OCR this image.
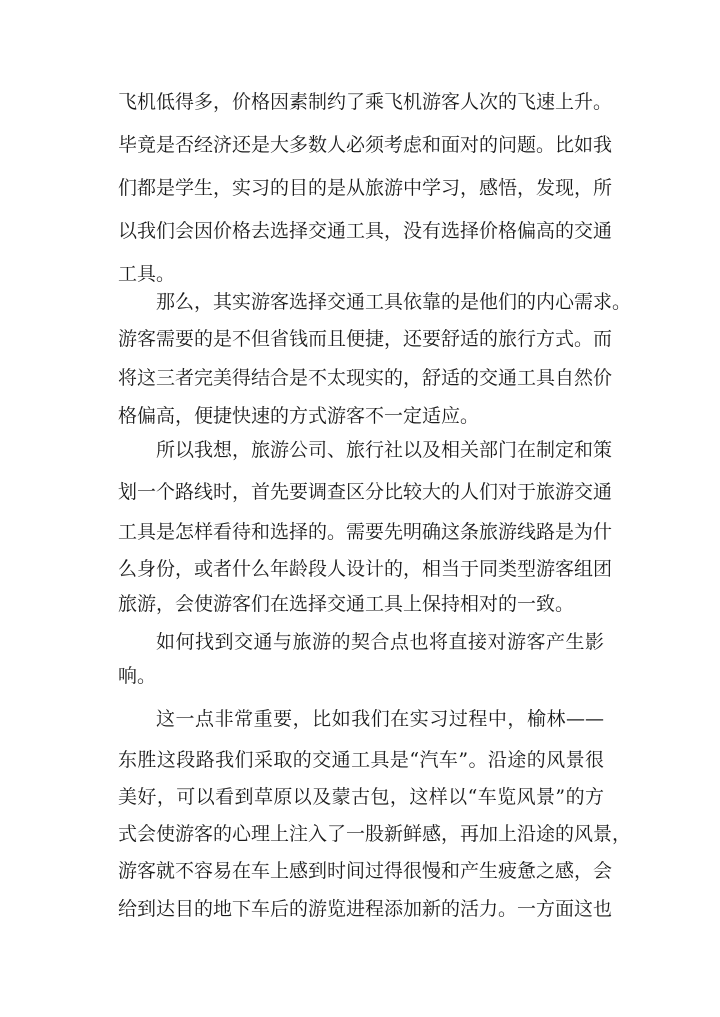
飞机低得多，价格因素制约了乘飞机游客人次的飞速上升。

毕竟是否经济还是大多数人必须考虑和面对的问题。比如我

们都是学生，实习的目的是从旅游中学习，感悟，发现，所

以我们会因价格去选择交通工具，没有选择价格偏高的交通

工具。

那么，其实游客选择交通工具依靠的是他们的内心需求。

游客需要的是不但省钱而且便捷，还要舒适的旅行方式。而

将这三者完美得结合是不太现实的，舒适的交通工具自然价

格偏高，便捷快速的方式游客不一定适应。

所以我想，旅游公司、旅行社以及相关部门在制定和策

划一个路线时，首先要调查区分比较大的人们对于旅游交通

工具是怎样看待和选择的。需要先明确这条旅游线路是为什

么身份，或者什么年龄段人设计的，相当于同类型游客组团

旅游，会使游客们在选择交通工具上保持相对的一致。

如何找到交通与旅游的契合点也将直接对游客产生影

响。

这一点非常重要，比如我们在实习过程中，榆林——

东胜这段路我们采取的交通工具是“汽车”。沿途的风景很

美好，可以看到草原以及蒙古包，这样以“车览风景”的方

式会使游客的心理上注入了一股新鲜感，再加上沿途的风景，

游客就不容易在车上感到时间过得很慢和产生疲惫之感，会

给到达目的地下车后的游览进程添加新的活力。一方面这也
